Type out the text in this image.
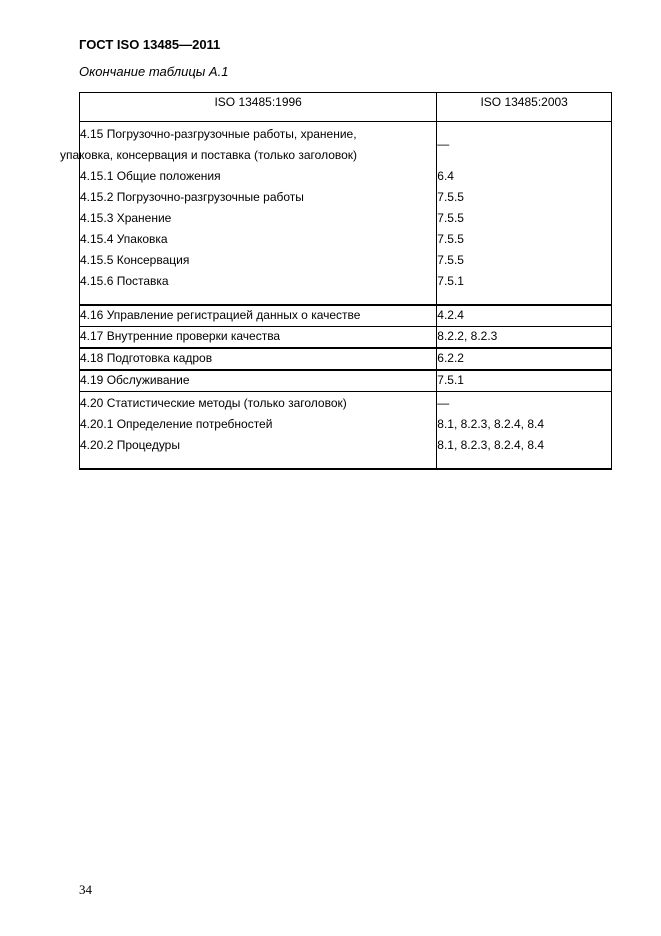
ГОСТ ISO 13485—2011
Окончание таблицы А.1
ISO 13485:1996	ISO 13485:2003

4.15 Погрузочно-разгрузочные работы, хранение,
упаковка, консервация и поставка (только заголовок)	—
4.15.1 Общие положения	6.4
4.15.2 Погрузочно-разгрузочные работы	7.5.5
4.15.3 Хранение	7.5.5
4.15.4 Упаковка	7.5.5
4.15.5 Консервация	7.5.5
4.15.6 Поставка	7.5.1
4.16 Управление регистрацией данных о качестве	4.2.4
4.17 Внутренние проверки качества	8.2.2, 8.2.3
4.18 Подготовка кадров	6.2.2
4.19 Обслуживание	7.5.1
4.20 Статистические методы (только заголовок)	—
4.20.1 Определение потребностей	8.1, 8.2.3, 8.2.4, 8.4
4.20.2 Процедуры	8.1, 8.2.3, 8.2.4, 8.4
34
